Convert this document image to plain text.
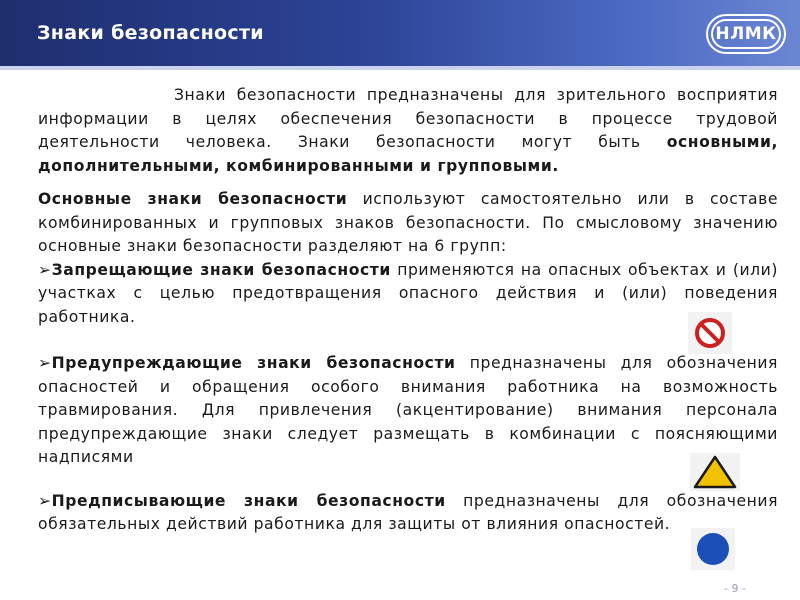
Знаки безопасности	НЛМК

Знаки безопасности предназначены для зрительного восприятия информации в целях обеспечения безопасности в процессе трудовой деятельности человека. Знаки безопасности могут быть основными, дополнительными, комбинированными и групповыми.

Основные знаки безопасности используют самостоятельно или в составе комбинированных и групповых знаков безопасности. По смысловому значению основные знаки безопасности разделяют на 6 групп:

➢Запрещающие знаки безопасности применяются на опасных объектах и (или) участках с целью предотвращения опасного действия и (или) поведения работника.

➢Предупреждающие знаки безопасности предназначены для обозначения опасностей и обращения особого внимания работника на возможность травмирования. Для привлечения (акцентирование) внимания персонала предупреждающие знаки следует размещать в комбинации с поясняющими надписями

➢Предписывающие знаки безопасности предназначены для обозначения обязательных действий работника для защиты от влияния опасностей.

- 9 -
